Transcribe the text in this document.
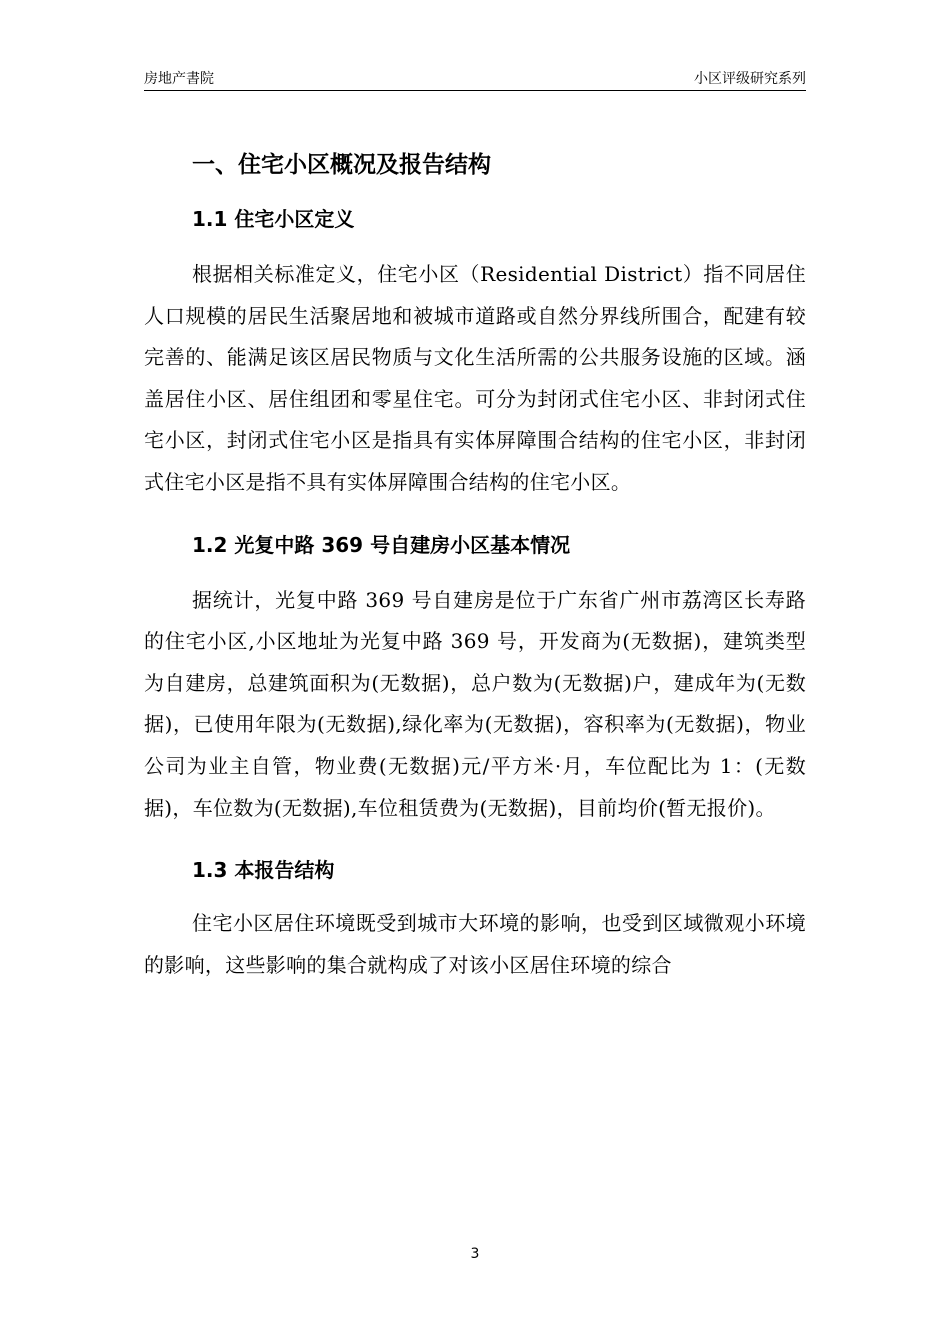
房地产書院	小区评级研究系列
一、住宅小区概况及报告结构
1.1 住宅小区定义

根据相关标准定义，住宅小区（Residential District）指不同居住人口规模的居民生活聚居地和被城市道路或自然分界线所围合，配建有较完善的、能满足该区居民物质与文化生活所需的公共服务设施的区域。涵盖居住小区、居住组团和零星住宅。可分为封闭式住宅小区、非封闭式住宅小区，封闭式住宅小区是指具有实体屏障围合结构的住宅小区，非封闭式住宅小区是指不具有实体屏障围合结构的住宅小区。

1.2 光复中路 369 号自建房小区基本情况

据统计，光复中路 369 号自建房是位于广东省广州市荔湾区长寿路的住宅小区,小区地址为光复中路 369 号，开发商为(无数据)，建筑类型为自建房，总建筑面积为(无数据)，总户数为(无数据)户，建成年为(无数据)，已使用年限为(无数据),绿化率为(无数据)，容积率为(无数据)，物业公司为业主自管，物业费(无数据)元/平方米·月，车位配比为 1：(无数据)，车位数为(无数据),车位租赁费为(无数据)，目前均价(暂无报价)。

1.3 本报告结构

住宅小区居住环境既受到城市大环境的影响，也受到区域微观小环境的影响，这些影响的集合就构成了对该小区居住环境的综合

3
